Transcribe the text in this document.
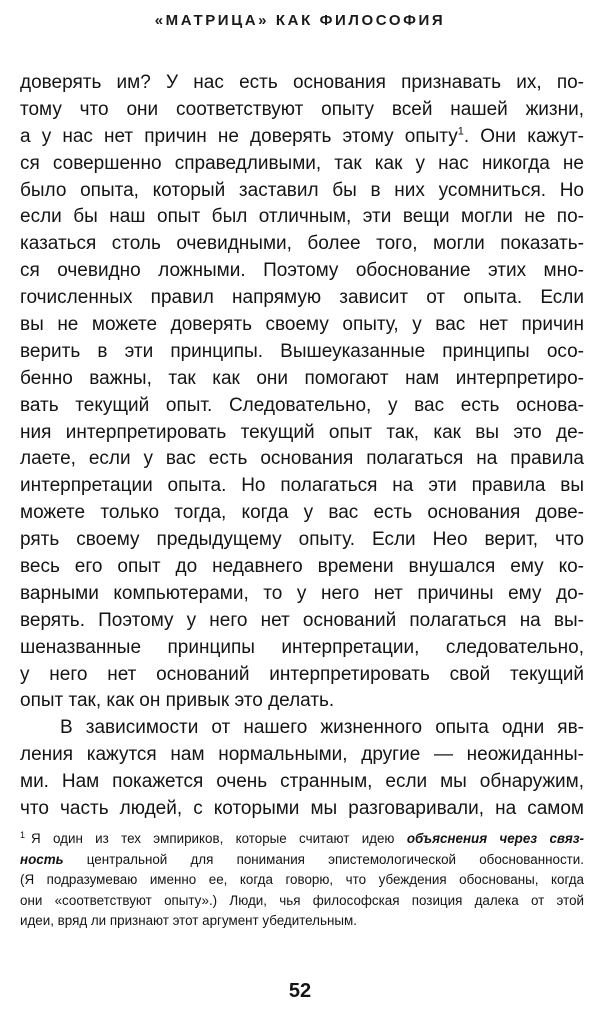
«МАТРИЦА» КАК ФИЛОСОФИЯ
доверять им? У нас есть основания признавать их, по-
тому что они соответствуют опыту всей нашей жизни,
а у нас нет причин не доверять этому опыту$^1$. Они кажут-
ся совершенно справедливыми, так как у нас никогда не
было опыта, который заставил бы в них усомниться. Но
если бы наш опыт был отличным, эти вещи могли не по-
казаться столь очевидными, более того, могли показать-
ся очевидно ложными. Поэтому обоснование этих мно-
гочисленных правил напрямую зависит от опыта. Если
вы не можете доверять своему опыту, у вас нет причин
верить в эти принципы. Вышеуказанные принципы осо-
бенно важны, так как они помогают нам интерпретиро-
вать текущий опыт. Следовательно, у вас есть основа-
ния интерпретировать текущий опыт так, как вы это де-
лаете, если у вас есть основания полагаться на правила
интерпретации опыта. Но полагаться на эти правила вы
можете только тогда, когда у вас есть основания дове-
рять своему предыдущему опыту. Если Нео верит, что
весь его опыт до недавнего времени внушался ему ко-
варными компьютерами, то у него нет причины ему до-
верять. Поэтому у него нет оснований полагаться на вы-
шеназванные принципы интерпретации, следовательно,
у него нет оснований интерпретировать свой текущий
опыт так, как он привык это делать.
В зависимости от нашего жизненного опыта одни яв-
ления кажутся нам нормальными, другие — неожиданны-
ми. Нам покажется очень странным, если мы обнаружим,
что часть людей, с которыми мы разговаривали, на самом
$^1$ Я один из тех эмпириков, которые считают идею объяснения через связ-
ность центральной для понимания эпистемологической обоснованности.
(Я подразумеваю именно ее, когда говорю, что убеждения обоснованы, когда
они «соответствуют опыту».) Люди, чья философская позиция далека от этой
идеи, вряд ли признают этот аргумент убедительным.
52
